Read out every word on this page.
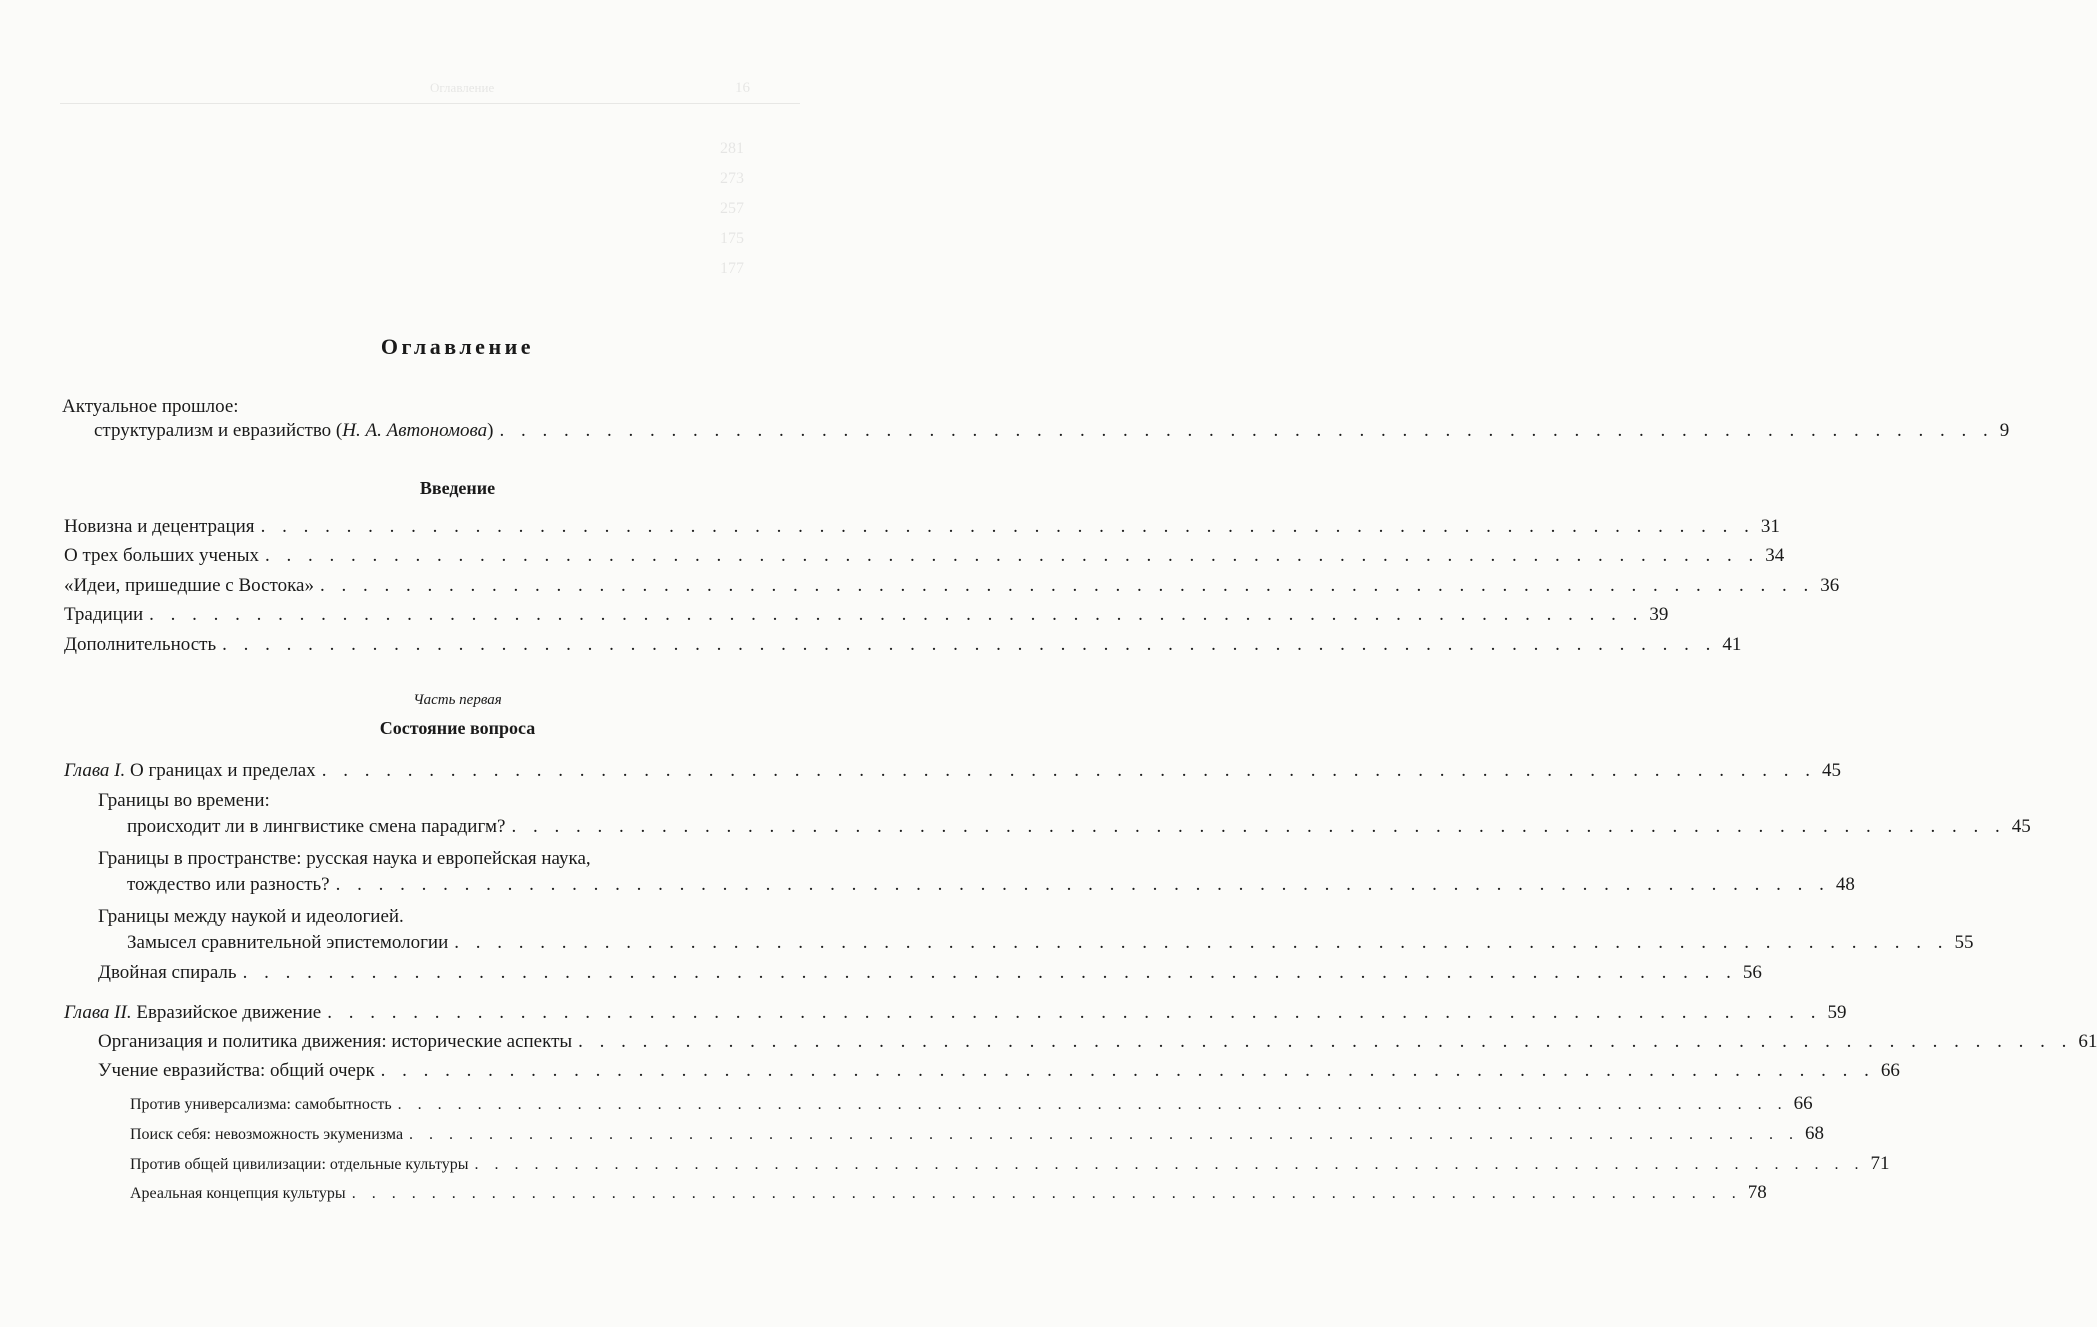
16
Оглавление
281
273
257
175
177
Оглавление
Актуальное прошлое:
структурализм и евразийство (Н. А. Автономова) . . . . . . . . . . . . . . . . . . . . . . . . . . . . . . . . . . . . . . . . . . . . . . . . . . . . . . . . . . . . . . . . . . . . . . 9
Введение
Новизна и децентрация . . . . . . . . . . . . . . . . . . . . . . . . . . . . . . . . . . . . . . . . . . . . . . . . . . . . . . . . . . . . . . . . . . . . . . 31
О трех больших ученых . . . . . . . . . . . . . . . . . . . . . . . . . . . . . . . . . . . . . . . . . . . . . . . . . . . . . . . . . . . . . . . . . . . . . . 34
«Идеи, пришедшие с Востока» . . . . . . . . . . . . . . . . . . . . . . . . . . . . . . . . . . . . . . . . . . . . . . . . . . . . . . . . . . . . . . . . . . . . . . 36
Традиции . . . . . . . . . . . . . . . . . . . . . . . . . . . . . . . . . . . . . . . . . . . . . . . . . . . . . . . . . . . . . . . . . . . . . . 39
Дополнительность . . . . . . . . . . . . . . . . . . . . . . . . . . . . . . . . . . . . . . . . . . . . . . . . . . . . . . . . . . . . . . . . . . . . . . 41
Часть первая
Состояние вопроса
Глава I. О границах и пределах . . . . . . . . . . . . . . . . . . . . . . . . . . . . . . . . . . . . . . . . . . . . . . . . . . . . . . . . . . . . . . . . . . . . . . 45
Границы во времени:
происходит ли в лингвистике смена парадигм? . . . . . . . . . . . . . . . . . . . . . . . . . . . . . . . . . . . . . . . . . . . . . . . . . . . . . . . . . . . . . . . . . . . . . . 45
Границы в пространстве: русская наука и европейская наука,
тождество или разность? . . . . . . . . . . . . . . . . . . . . . . . . . . . . . . . . . . . . . . . . . . . . . . . . . . . . . . . . . . . . . . . . . . . . . . 48
Границы между наукой и идеологией.
Замысел сравнительной эпистемологии . . . . . . . . . . . . . . . . . . . . . . . . . . . . . . . . . . . . . . . . . . . . . . . . . . . . . . . . . . . . . . . . . . . . . . 55
Двойная спираль . . . . . . . . . . . . . . . . . . . . . . . . . . . . . . . . . . . . . . . . . . . . . . . . . . . . . . . . . . . . . . . . . . . . . . 56
Глава II. Евразийское движение . . . . . . . . . . . . . . . . . . . . . . . . . . . . . . . . . . . . . . . . . . . . . . . . . . . . . . . . . . . . . . . . . . . . . . 59
Организация и политика движения: исторические аспекты . . . . . . . . . . . . . . . . . . . . . . . . . . . . . . . . . . . . . . . . . . . . . . . . . . . . . . . . . . . . . . . . . . . . . . 61
Учение евразийства: общий очерк . . . . . . . . . . . . . . . . . . . . . . . . . . . . . . . . . . . . . . . . . . . . . . . . . . . . . . . . . . . . . . . . . . . . . . 66
Против универсализма: самобытность . . . . . . . . . . . . . . . . . . . . . . . . . . . . . . . . . . . . . . . . . . . . . . . . . . . . . . . . . . . . . . . . . . . . . . 66
Поиск себя: невозможность экуменизма . . . . . . . . . . . . . . . . . . . . . . . . . . . . . . . . . . . . . . . . . . . . . . . . . . . . . . . . . . . . . . . . . . . . . . 68
Против общей цивилизации: отдельные культуры . . . . . . . . . . . . . . . . . . . . . . . . . . . . . . . . . . . . . . . . . . . . . . . . . . . . . . . . . . . . . . . . . . . . . . 71
Ареальная концепция культуры . . . . . . . . . . . . . . . . . . . . . . . . . . . . . . . . . . . . . . . . . . . . . . . . . . . . . . . . . . . . . . . . . . . . . . 78
